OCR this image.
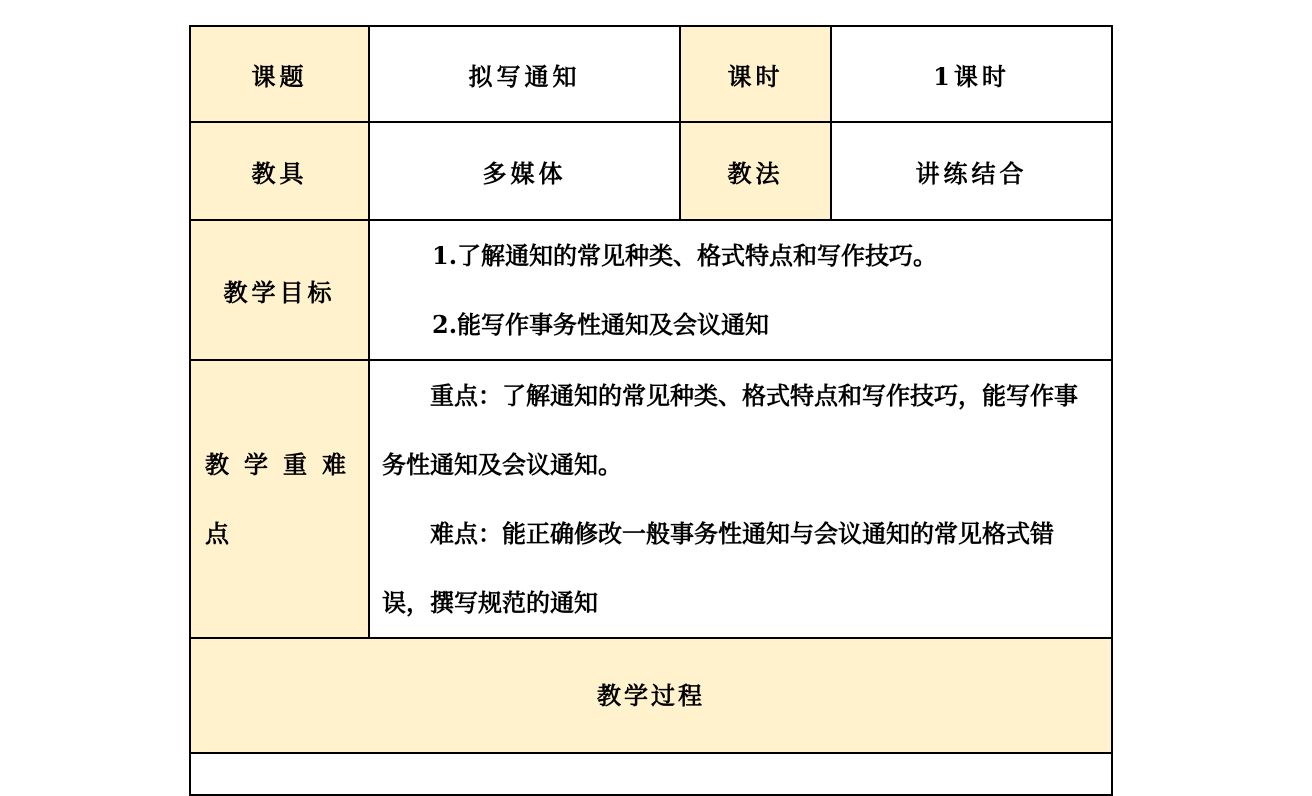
课题	拟写通知	课时	1课时
教具	多媒体	教法	讲练结合
教学目标	1.了解通知的常见种类、格式特点和写作技巧。
2.能写作事务性通知及会议通知		

教学重难点	重点：了解通知的常见种类、格式特点和写作技巧，能写作事务性通知及会议通知。
难点：能正确修改一般事务性通知与会议通知的常见格式错误，撰写规范的通知		

教学过程			
